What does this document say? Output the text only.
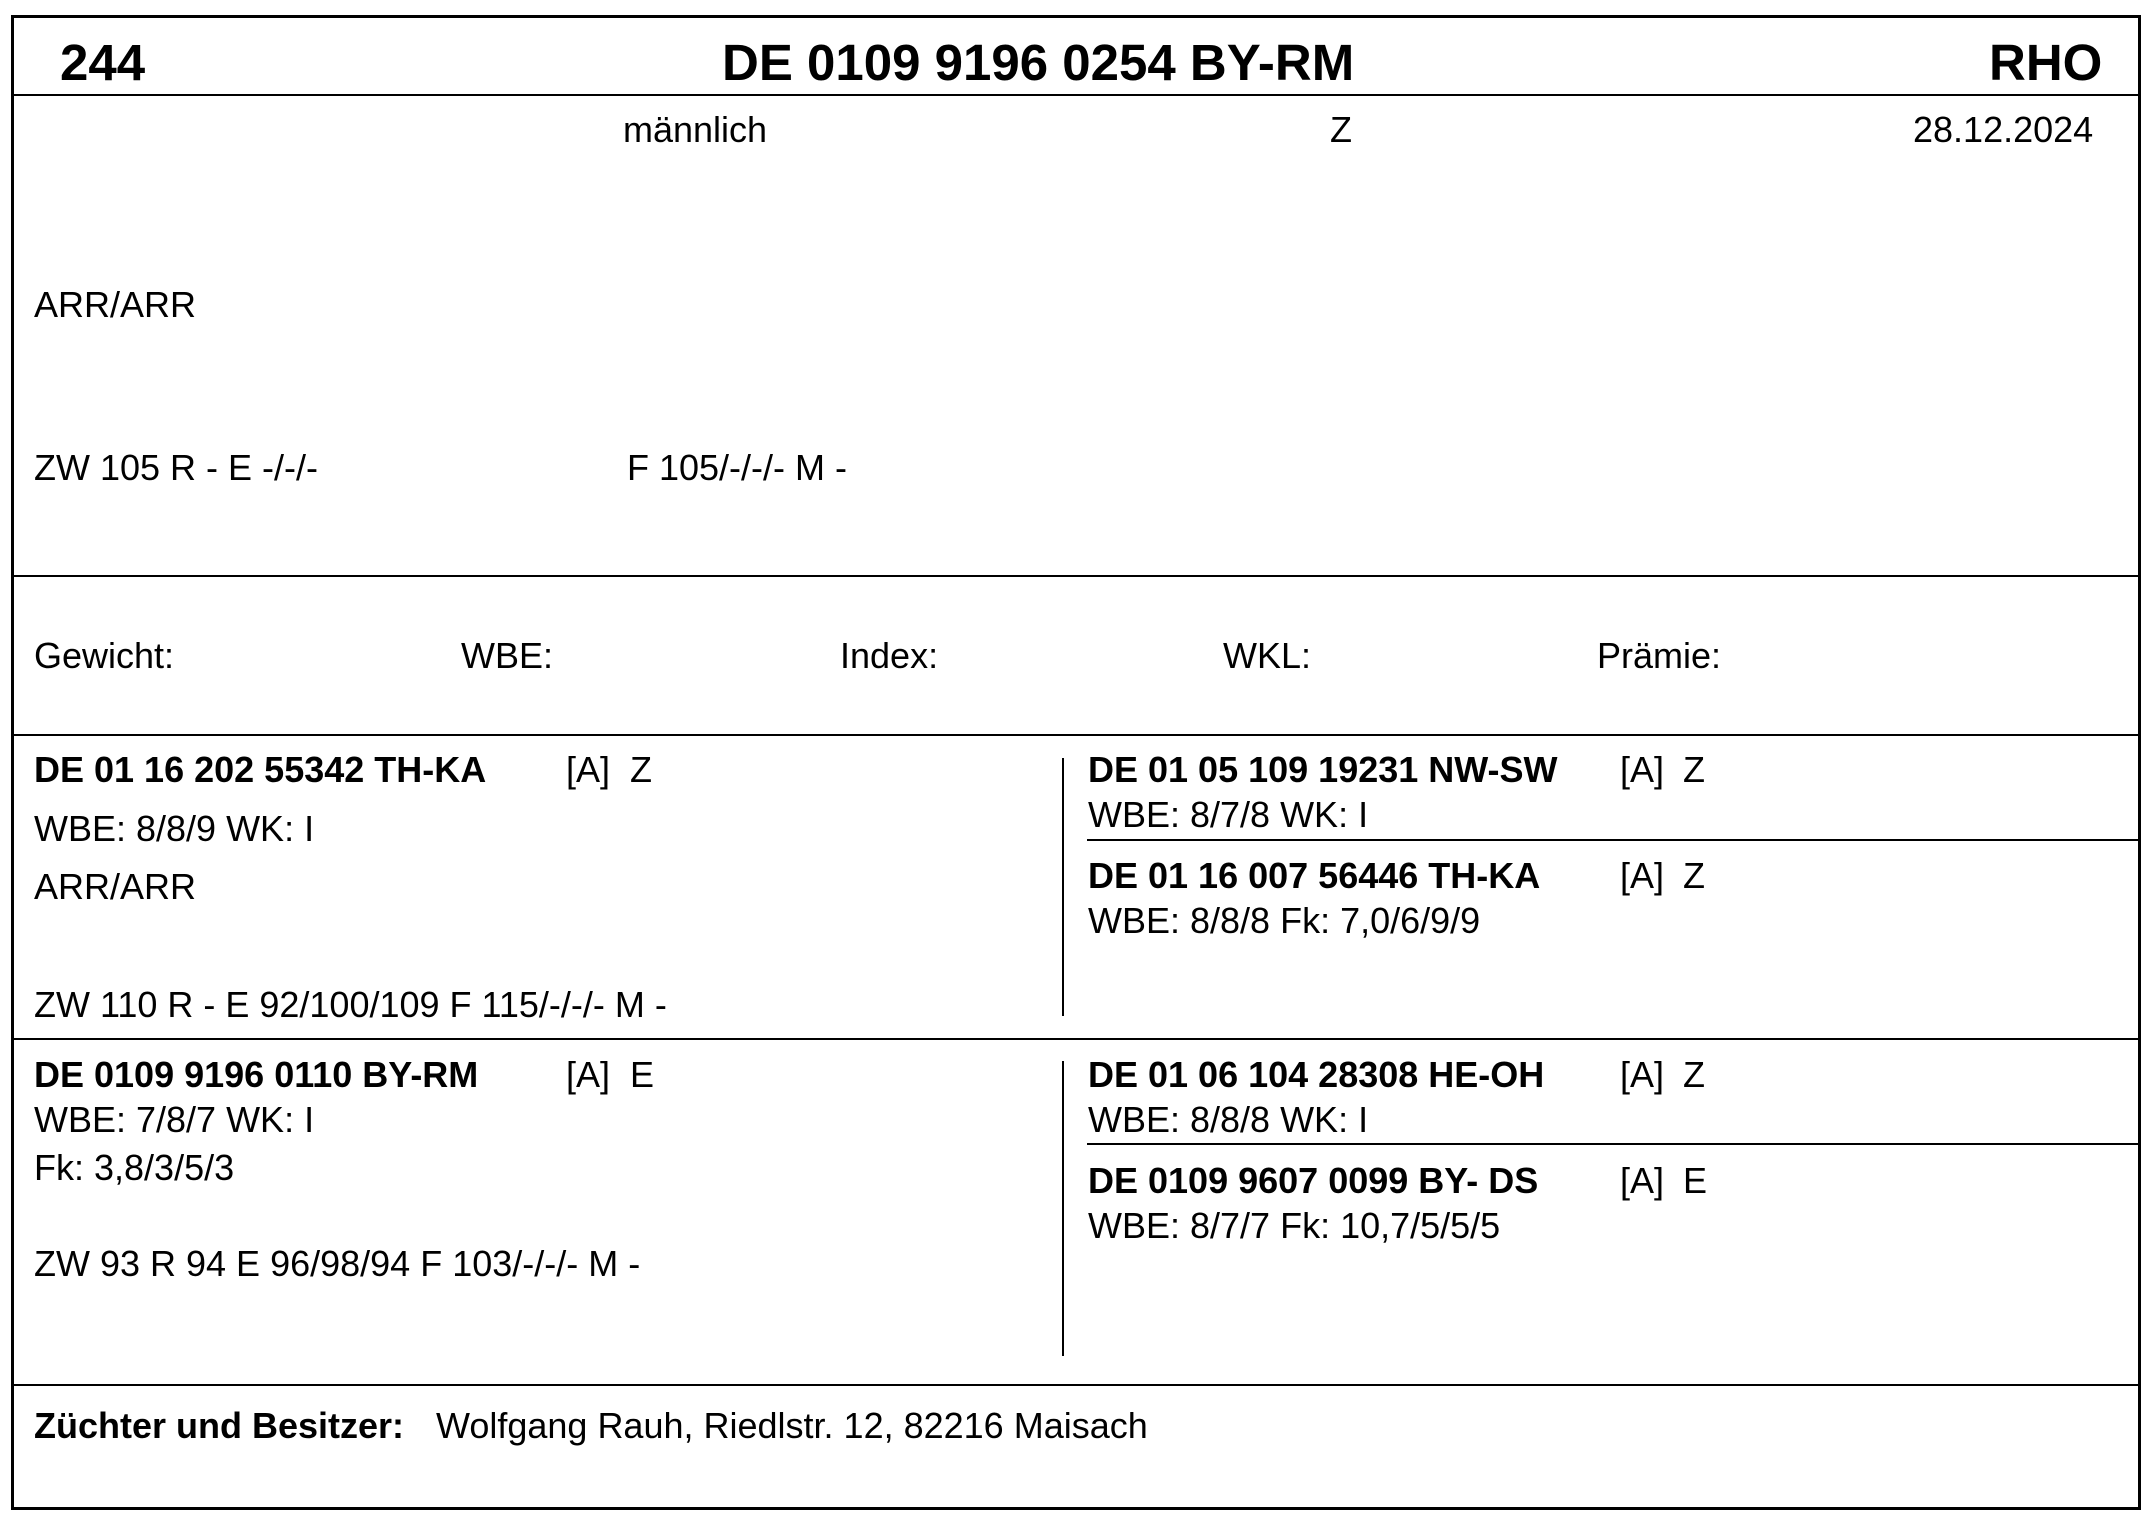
244	DE 0109 9196 0254 BY-RM	RHO
männlich	Z	28.12.2024
ARR/ARR
ZW 105 R - E -/-/-	F 105/-/-/- M -
Gewicht:	WBE:	Index:	WKL:	Prämie:
DE 01 16 202 55342 TH-KA [A] Z
WBE: 8/8/9 WK: I
ARR/ARR
ZW 110 R - E 92/100/109 F 115/-/-/- M -
DE 01 05 109 19231 NW-SW [A] Z
WBE: 8/7/8 WK: I
DE 01 16 007 56446 TH-KA [A] Z
WBE: 8/8/8 Fk: 7,0/6/9/9
DE 0109 9196 0110 BY-RM [A] E
WBE: 7/8/7 WK: I
Fk: 3,8/3/5/3
ZW 93 R 94 E 96/98/94 F 103/-/-/- M -
DE 01 06 104 28308 HE-OH [A] Z
WBE: 8/8/8 WK: I
DE 0109 9607 0099 BY- DS [A] E
WBE: 8/7/7 Fk: 10,7/5/5/5
Züchter und Besitzer: Wolfgang Rauh, Riedlstr. 12, 82216 Maisach
